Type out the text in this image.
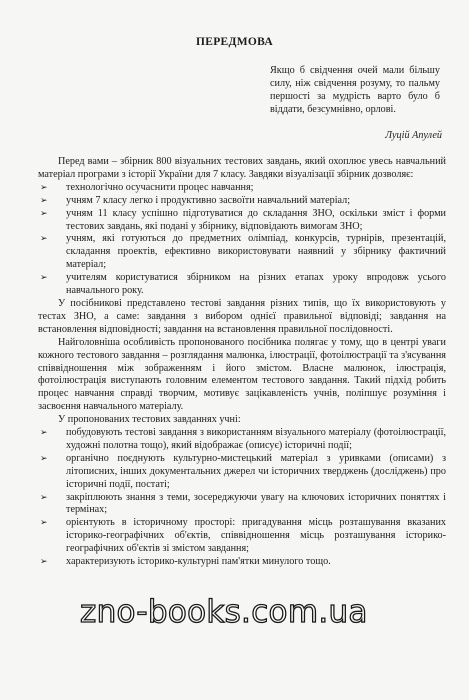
ПЕРЕДМОВА
Якщо б свідчення очей мали більшу силу, ніж свідчення розуму, то пальму першості за мудрість варто було б віддати, безсумнівно, орлові.
Луцій Апулей

Перед вами – збірник 800 візуальних тестових завдань, який охоплює увесь навчальний матеріал програми з історії України для 7 класу. Завдяки візуалізації збірник дозволяє:

➢ технологічно осучаснити процес навчання;
➢ учням 7 класу легко і продуктивно засвоїти навчальний матеріал;
➢ учням 11 класу успішно підготуватися до складання ЗНО, оскільки зміст і форми тестових завдань, які подані у збірнику, відповідають вимогам ЗНО;
➢ учням, які готуються до предметних олімпіад, конкурсів, турнірів, презентацій, складання проектів, ефективно використовувати наявний у збірнику фактичний матеріал;
➢ учителям користуватися збірником на різних етапах уроку впродовж усього навчального року.

У посібникові представлено тестові завдання різних типів, що їх використовують у тестах ЗНО, а саме: завдання з вибором однієї правильної відповіді; завдання на встановлення відповідності; завдання на встановлення правильної послідовності.

Найголовніша особливість пропонованого посібника полягає у тому, що в центрі уваги кожного тестового завдання – розглядання малюнка, ілюстрації, фотоілюстрації та з'ясування співвідношення між зображенням і його змістом. Власне малюнок, ілюстрація, фотоілюстрація виступають головним елементом тестового завдання. Такий підхід робить процес навчання справді творчим, мотивує зацікавленість учнів, поліпшує розуміння і засвоєння навчального матеріалу.

У пропонованих тестових завданнях учні:

➢ побудовують тестові завдання з використанням візуального матеріалу (фотоілюстрації, художні полотна тощо), який відображає (описує) історичні події;
➢ органічно поєднують культурно-мистецький матеріал з уривками (описами) з літописних, інших документальних джерел чи історичних тверджень (досліджень) про історичні події, постаті;
➢ закріплюють знання з теми, зосереджуючи увагу на ключових історичних поняттях і термінах;
➢ орієнтують в історичному просторі: пригадування місць розташування вказаних історико-географічних об'єктів, співвідношення місць розташування історико-географічних об'єктів зі змістом завдання;
➢ характеризують історико-культурні пам'ятки минулого тощо.
zno-books.com.ua
